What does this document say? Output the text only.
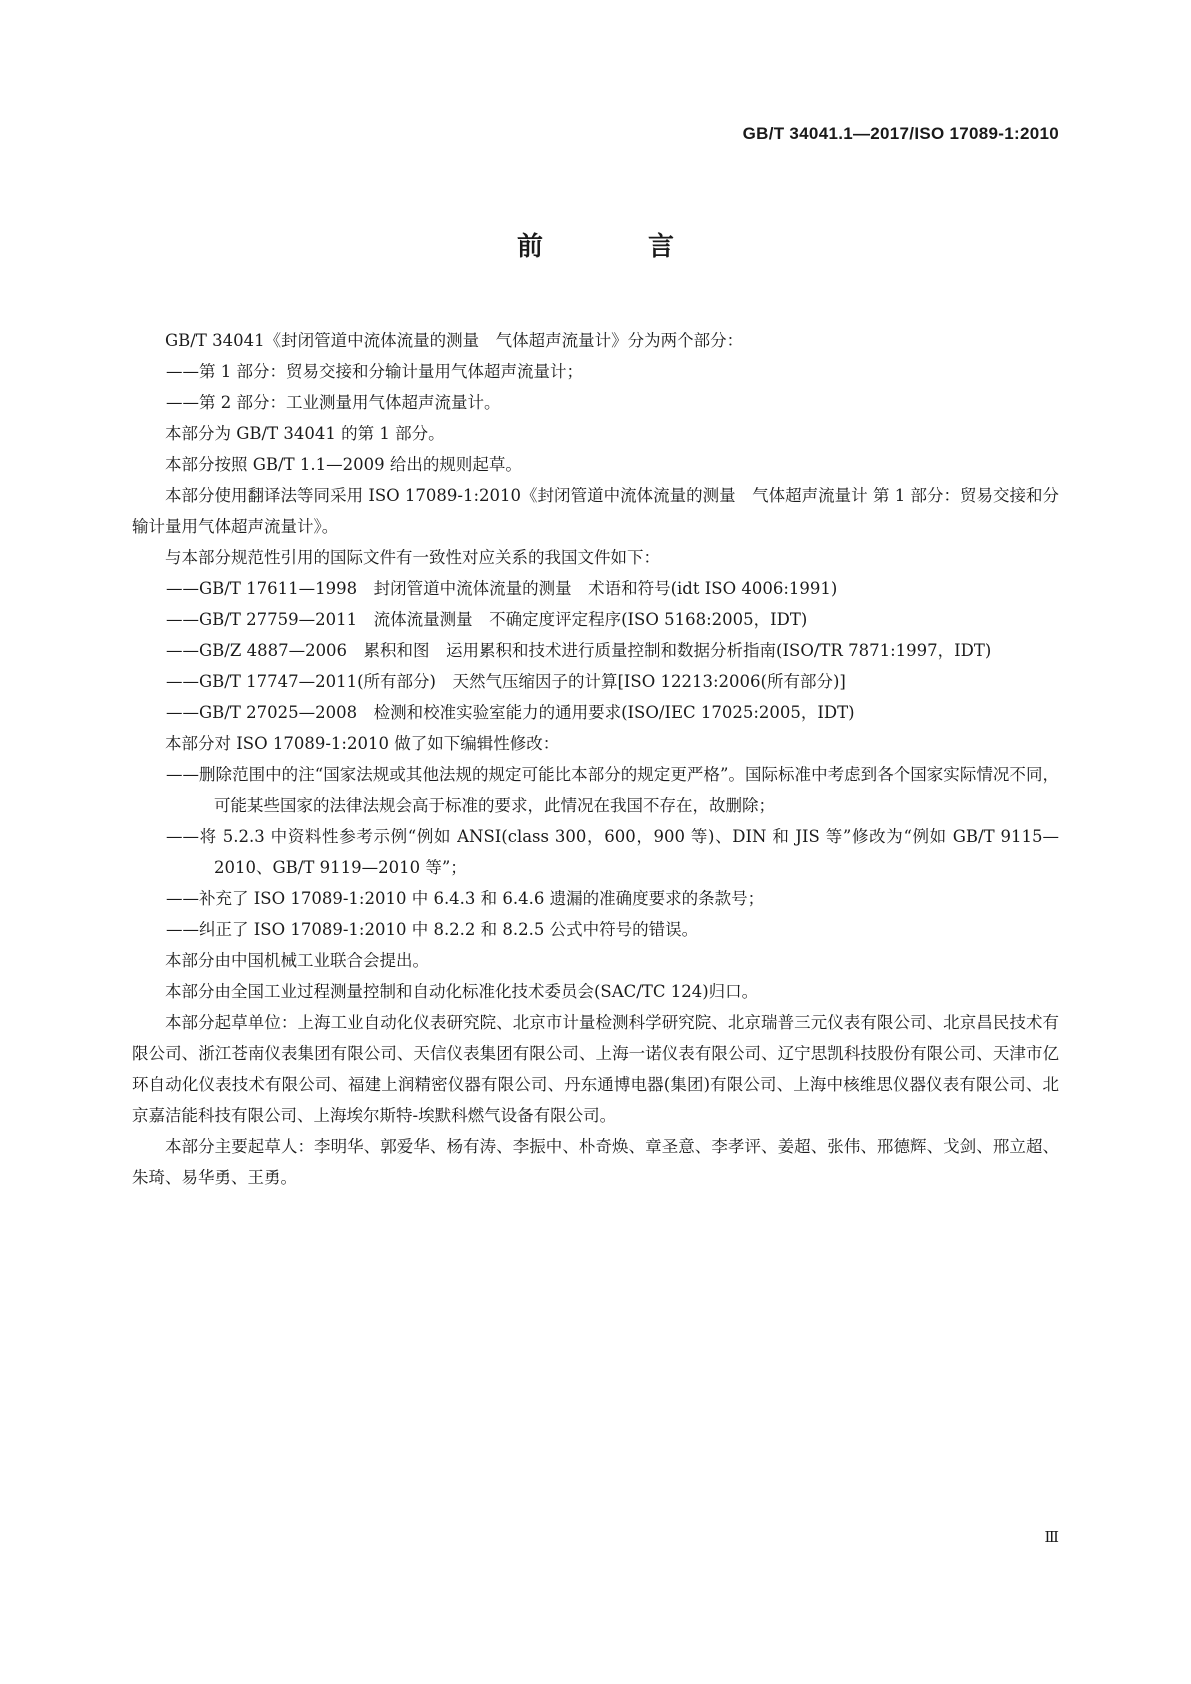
GB/T 34041.1—2017/ISO 17089-1:2010
前 言

GB/T 34041《封闭管道中流体流量的测量　气体超声流量计》分为两个部分：

——第 1 部分：贸易交接和分输计量用气体超声流量计；

——第 2 部分：工业测量用气体超声流量计。

本部分为 GB/T 34041 的第 1 部分。

本部分按照 GB/T 1.1—2009 给出的规则起草。

本部分使用翻译法等同采用 ISO 17089-1:2010《封闭管道中流体流量的测量　气体超声流量计 第 1 部分：贸易交接和分输计量用气体超声流量计》。

与本部分规范性引用的国际文件有一致性对应关系的我国文件如下：

——GB/T 17611—1998　封闭管道中流体流量的测量　术语和符号(idt ISO 4006:1991)

——GB/T 27759—2011　流体流量测量　不确定度评定程序(ISO 5168:2005，IDT)

——GB/Z 4887—2006　累积和图　运用累积和技术进行质量控制和数据分析指南(ISO/TR 7871:1997，IDT)

——GB/T 17747—2011(所有部分)　天然气压缩因子的计算[ISO 12213:2006(所有部分)]

——GB/T 27025—2008　检测和校准实验室能力的通用要求(ISO/IEC 17025:2005，IDT)

本部分对 ISO 17089-1:2010 做了如下编辑性修改：

——删除范围中的注“国家法规或其他法规的规定可能比本部分的规定更严格”。国际标准中考虑到各个国家实际情况不同，可能某些国家的法律法规会高于标准的要求，此情况在我国不存在，故删除；

——将 5.2.3 中资料性参考示例“例如 ANSI(class 300，600，900 等)、DIN 和 JIS 等”修改为“例如 GB/T 9115—2010、GB/T 9119—2010 等”；

——补充了 ISO 17089-1:2010 中 6.4.3 和 6.4.6 遗漏的准确度要求的条款号；

——纠正了 ISO 17089-1:2010 中 8.2.2 和 8.2.5 公式中符号的错误。

本部分由中国机械工业联合会提出。

本部分由全国工业过程测量控制和自动化标准化技术委员会(SAC/TC 124)归口。

本部分起草单位：上海工业自动化仪表研究院、北京市计量检测科学研究院、北京瑞普三元仪表有限公司、北京昌民技术有限公司、浙江苍南仪表集团有限公司、天信仪表集团有限公司、上海一诺仪表有限公司、辽宁思凯科技股份有限公司、天津市亿环自动化仪表技术有限公司、福建上润精密仪器有限公司、丹东通博电器(集团)有限公司、上海中核维思仪器仪表有限公司、北京嘉洁能科技有限公司、上海埃尔斯特-埃默科燃气设备有限公司。

本部分主要起草人：李明华、郭爱华、杨有涛、李振中、朴奇焕、章圣意、李孝评、姜超、张伟、邢德辉、戈剑、邢立超、朱琦、易华勇、王勇。

Ⅲ
